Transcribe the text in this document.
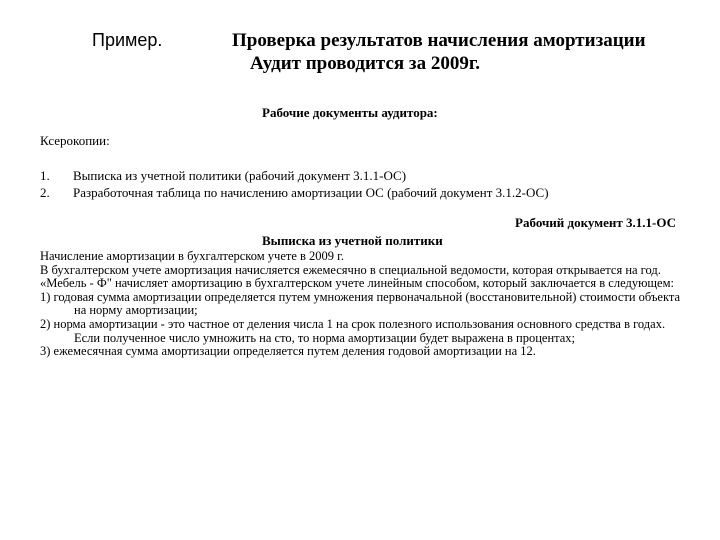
Пример.	Проверка результатов начисления амортизации
Аудит проводится за 2009г.
Рабочие документы аудитора:
Ксерокопии:
1. Выписка из учетной политики (рабочий документ 3.1.1-ОС)
2. Разработочная таблица по начислению амортизации ОС (рабочий документ 3.1.2-ОС)
Рабочий документ 3.1.1-ОС
Выписка из учетной политики
Начисление амортизации в бухгалтерском учете в 2009 г.
В бухгалтерском учете амортизация начисляется ежемесячно в специальной ведомости, которая открывается на год.
«Мебель - Ф" начисляет амортизацию в бухгалтерском учете линейным способом, который заключается в следующем:
1) годовая сумма амортизации определяется путем умножения первоначальной (восстановительной) стоимости объекта на норму амортизации;
2) норма амортизации - это частное от деления числа 1 на срок полезного использования основного средства в годах. Если полученное число умножить на сто, то норма амортизации будет выражена в процентах;
3) ежемесячная сумма амортизации определяется путем деления годовой амортизации на 12.
